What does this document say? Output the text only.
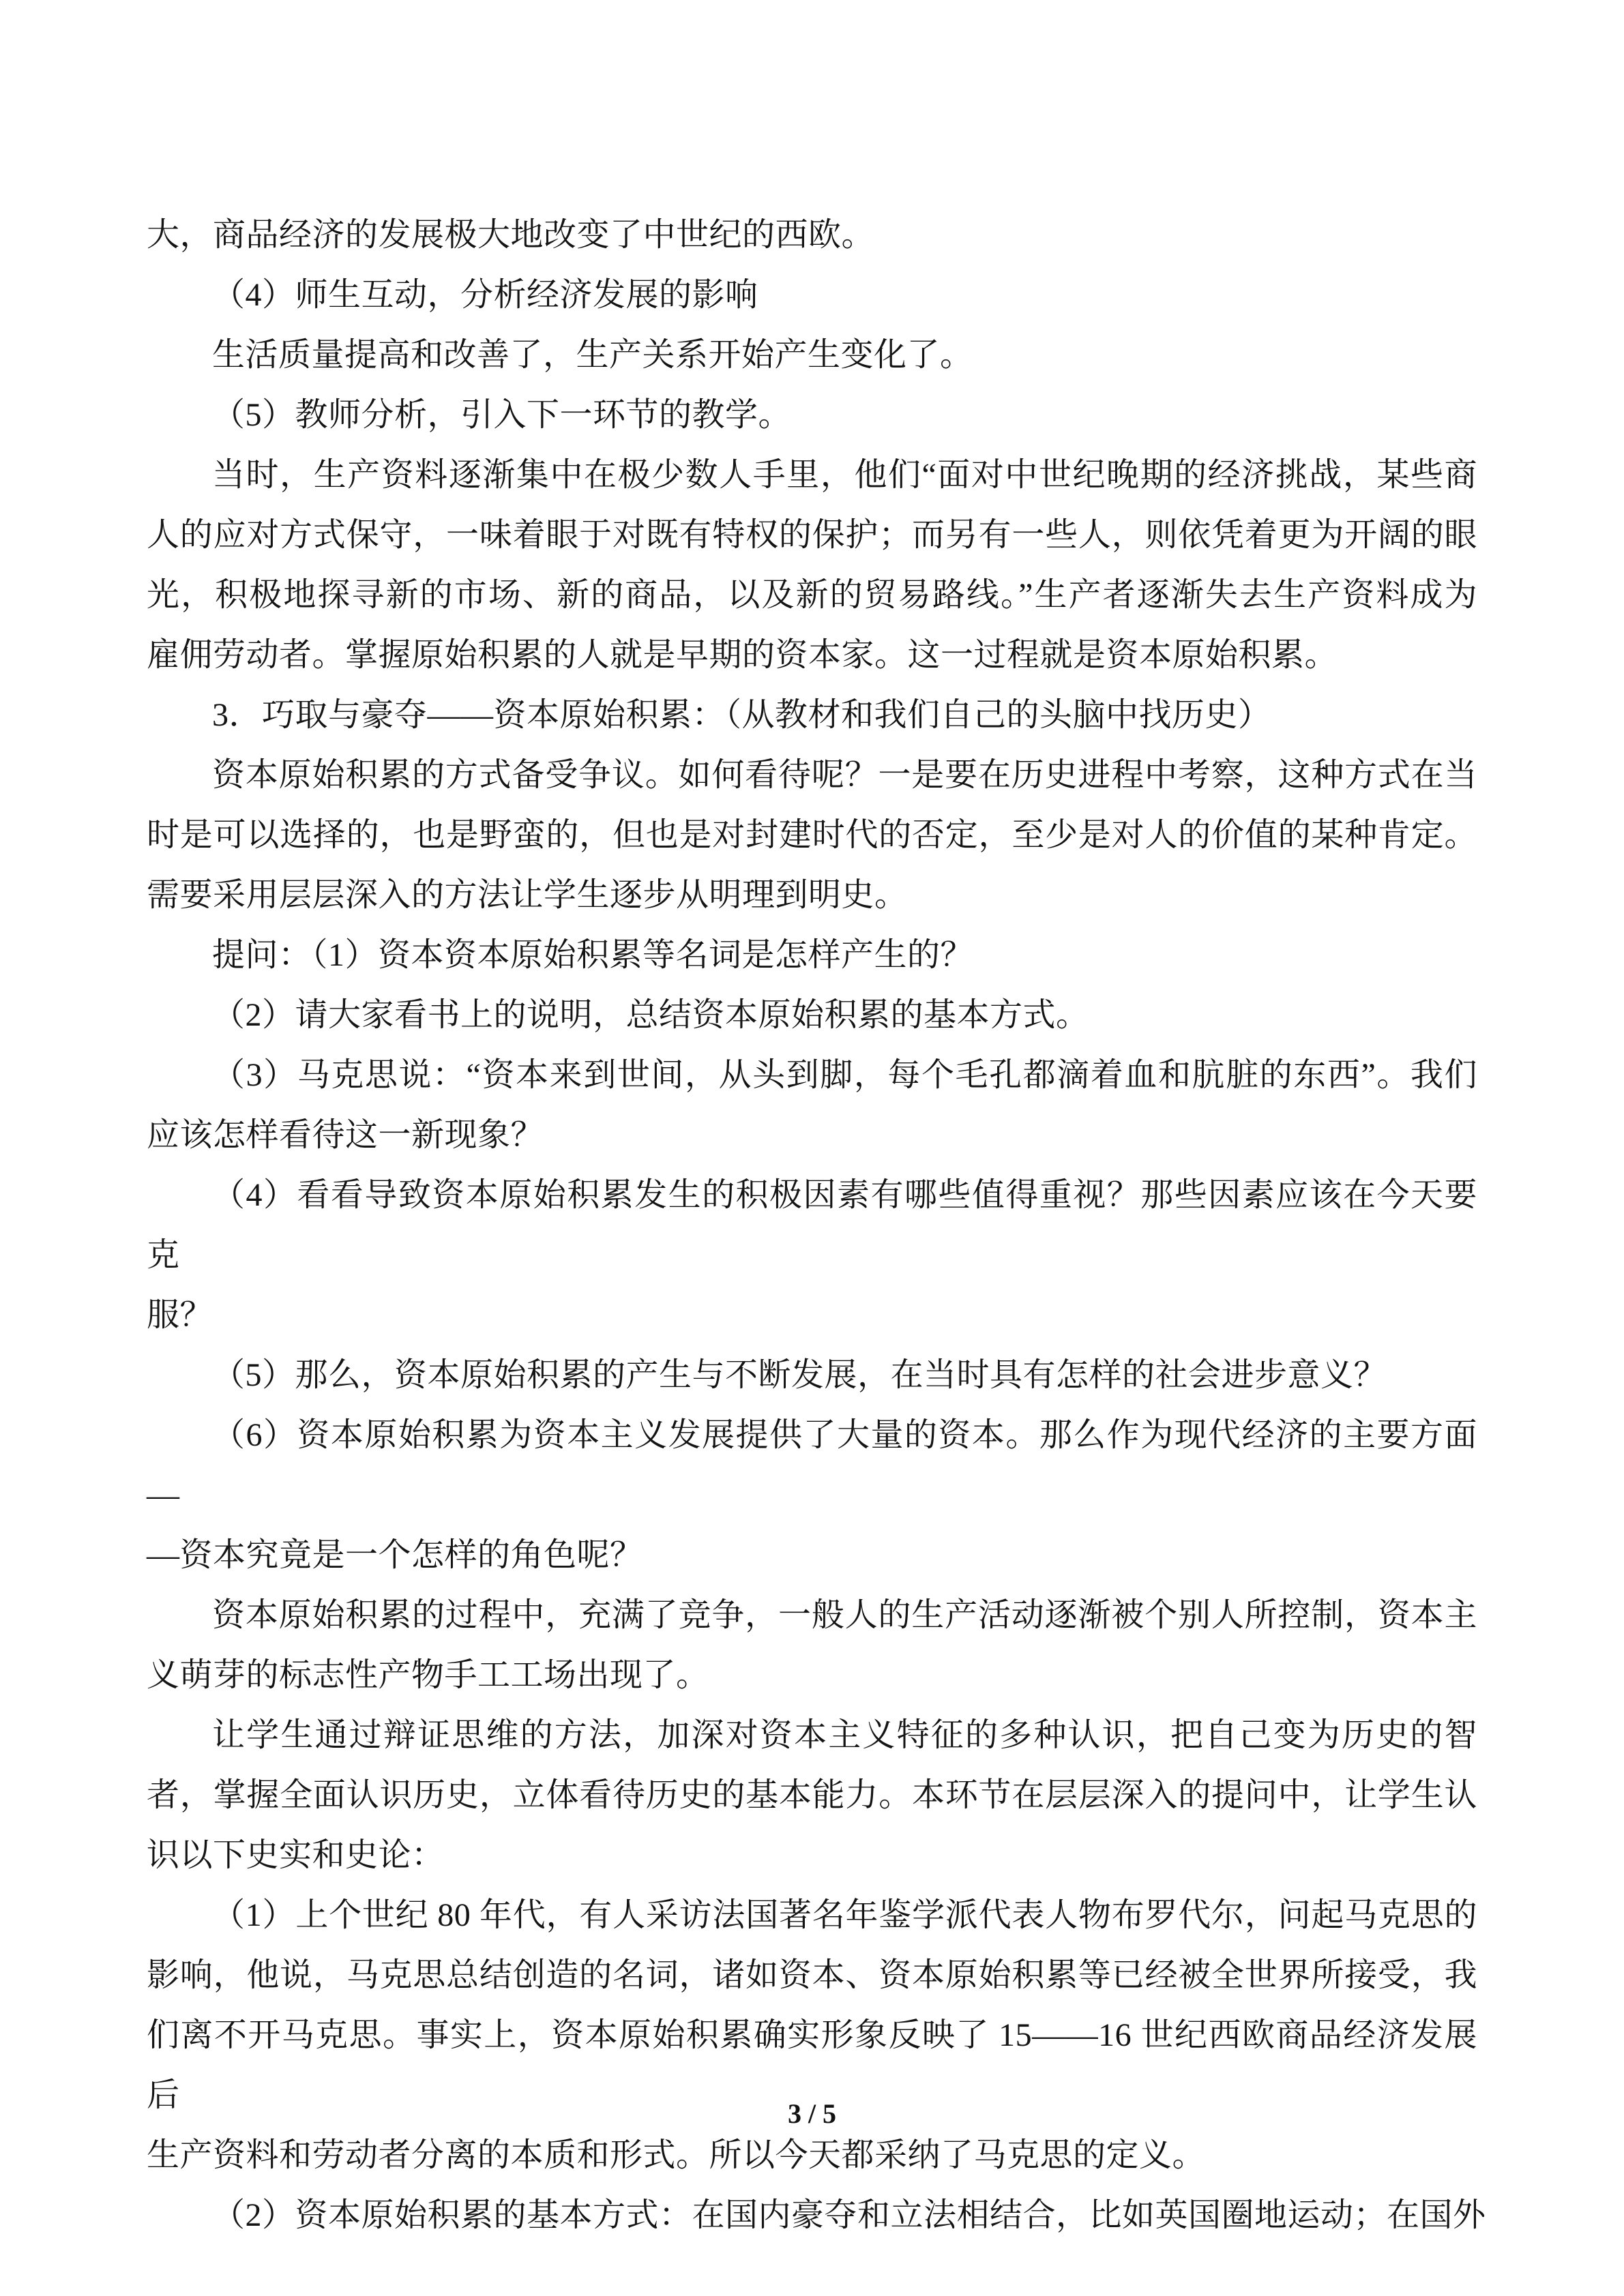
大，商品经济的发展极大地改变了中世纪的西欧。

（4）师生互动，分析经济发展的影响

生活质量提高和改善了，生产关系开始产生变化了。

（5）教师分析，引入下一环节的教学。

当时，生产资料逐渐集中在极少数人手里，他们“面对中世纪晚期的经济挑战，某些商
人的应对方式保守，一味着眼于对既有特权的保护；而另有一些人，则依凭着更为开阔的眼
光，积极地探寻新的市场、新的商品，以及新的贸易路线。”生产者逐渐失去生产资料成为
雇佣劳动者。掌握原始积累的人就是早期的资本家。这一过程就是资本原始积累。

3．巧取与豪夺——资本原始积累：（从教材和我们自己的头脑中找历史）

资本原始积累的方式备受争议。如何看待呢？一是要在历史进程中考察，这种方式在当
时是可以选择的，也是野蛮的，但也是对封建时代的否定，至少是对人的价值的某种肯定。
需要采用层层深入的方法让学生逐步从明理到明史。

提问：（1）资本资本原始积累等名词是怎样产生的？

（2）请大家看书上的说明，总结资本原始积累的基本方式。

（3）马克思说：“资本来到世间，从头到脚，每个毛孔都滴着血和肮脏的东西”。我们
应该怎样看待这一新现象？

（4）看看导致资本原始积累发生的积极因素有哪些值得重视？那些因素应该在今天要克
服？

（5）那么，资本原始积累的产生与不断发展，在当时具有怎样的社会进步意义？

（6）资本原始积累为资本主义发展提供了大量的资本。那么作为现代经济的主要方面—
—资本究竟是一个怎样的角色呢？

资本原始积累的过程中，充满了竞争，一般人的生产活动逐渐被个别人所控制，资本主
义萌芽的标志性产物手工工场出现了。

让学生通过辩证思维的方法，加深对资本主义特征的多种认识，把自己变为历史的智
者，掌握全面认识历史，立体看待历史的基本能力。本环节在层层深入的提问中，让学生认
识以下史实和史论：

（1）上个世纪 80 年代，有人采访法国著名年鉴学派代表人物布罗代尔，问起马克思的
影响，他说，马克思总结创造的名词，诸如资本、资本原始积累等已经被全世界所接受，我
们离不开马克思。事实上，资本原始积累确实形象反映了 15——16 世纪西欧商品经济发展后
生产资料和劳动者分离的本质和形式。所以今天都采纳了马克思的定义。

（2）资本原始积累的基本方式：在国内豪夺和立法相结合，比如英国圈地运动；在国外

3 / 5
